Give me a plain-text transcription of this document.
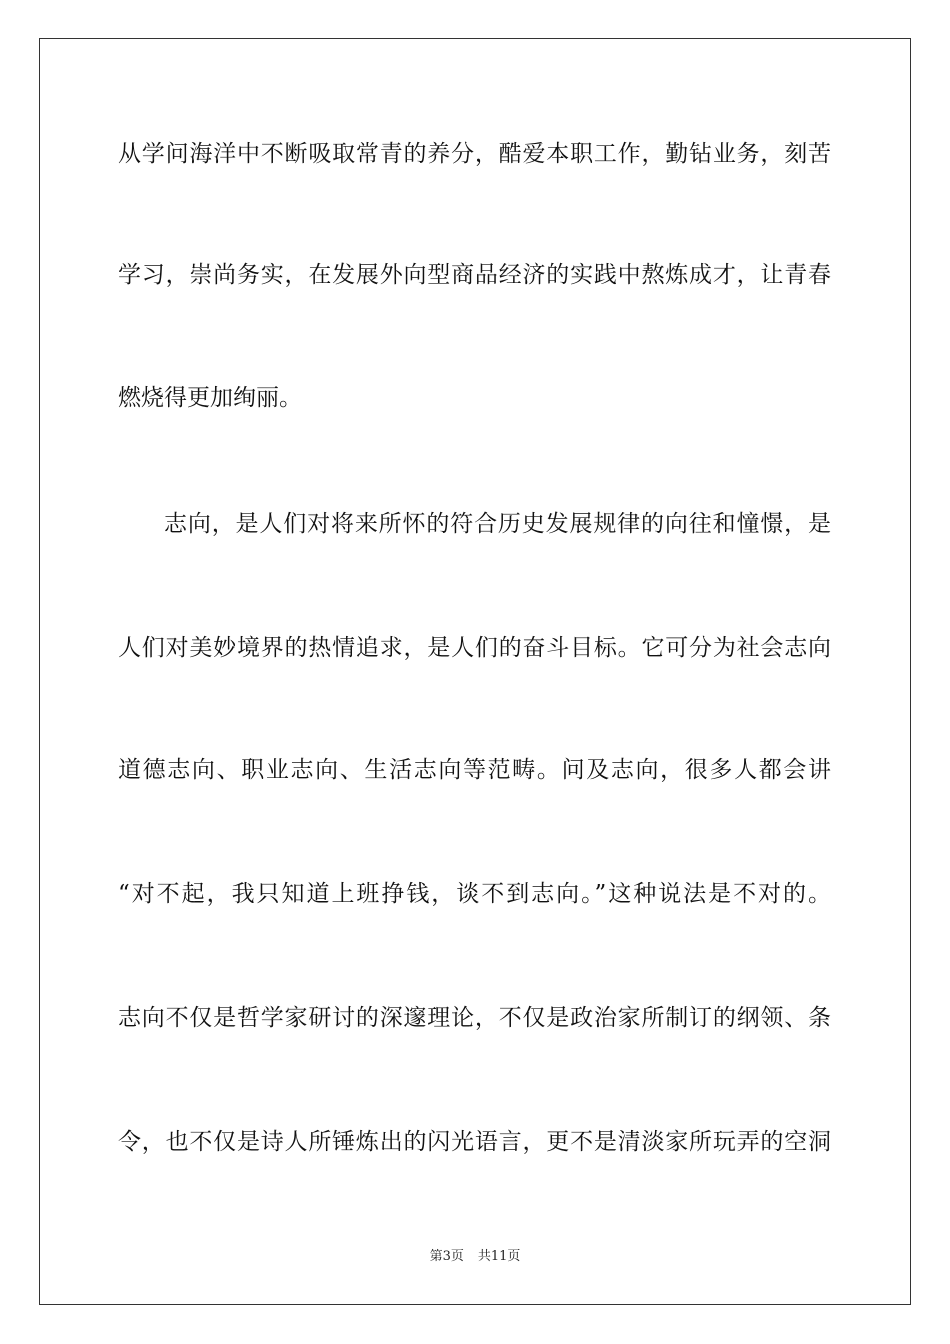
从学问海洋中不断吸取常青的养分，酷爱本职工作，勤钻业务，刻苦
学习，崇尚务实，在发展外向型商品经济的实践中熬炼成才，让青春
燃烧得更加绚丽。
志向，是人们对将来所怀的符合历史发展规律的向往和憧憬，是
人们对美妙境界的热情追求，是人们的奋斗目标。它可分为社会志向
道德志向、职业志向、生活志向等范畴。问及志向，很多人都会讲
“对不起，我只知道上班挣钱，谈不到志向。”这种说法是不对的。
志向不仅是哲学家研讨的深邃理论，不仅是政治家所制订的纲领、条
令，也不仅是诗人所锤炼出的闪光语言，更不是清淡家所玩弄的空洞
第3页 共11页
